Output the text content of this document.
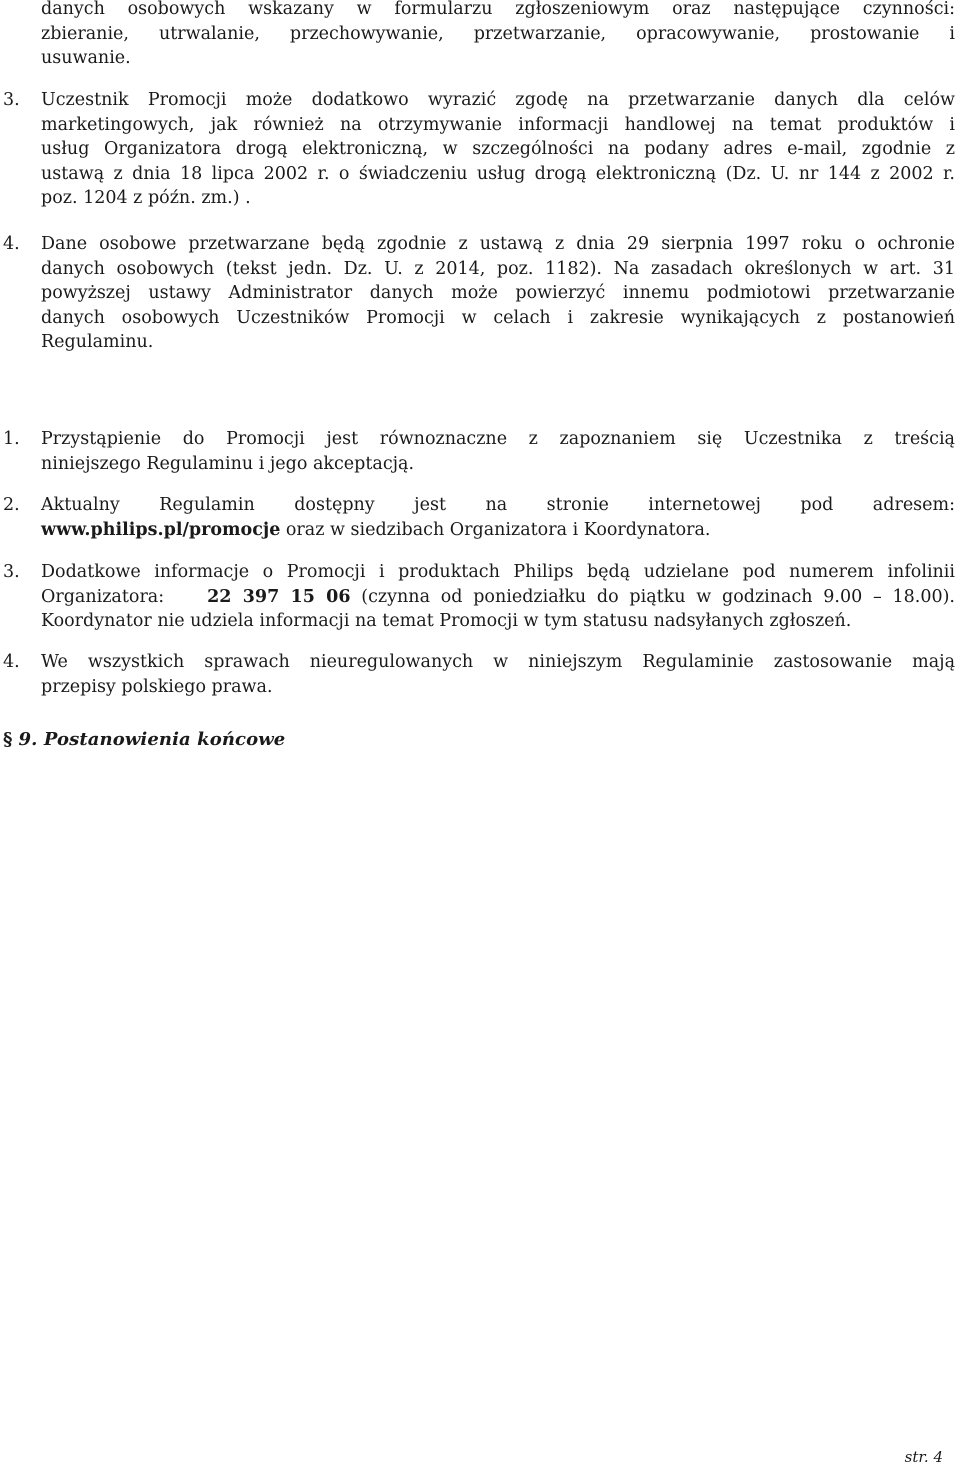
danych osobowych wskazany w formularzu zgłoszeniowym oraz następujące czynności:
zbieranie, utrwalanie, przechowywanie, przetwarzanie, opracowywanie, prostowanie i
usuwanie.
3.	Uczestnik Promocji może dodatkowo wyrazić zgodę na przetwarzanie danych dla celów
marketingowych, jak również na otrzymywanie informacji handlowej na temat produktów i
usług Organizatora drogą elektroniczną, w szczególności na podany adres e-mail, zgodnie z
ustawą z dnia 18 lipca 2002 r. o świadczeniu usług drogą elektroniczną (Dz. U. nr 144 z 2002 r.
poz. 1204 z późn. zm.) .
4.	Dane osobowe przetwarzane będą zgodnie z ustawą z dnia 29 sierpnia 1997 roku o ochronie
danych osobowych (tekst jedn. Dz. U. z 2014, poz. 1182). Na zasadach określonych w art. 31
powyższej ustawy Administrator danych może powierzyć innemu podmiotowi przetwarzanie
danych osobowych Uczestników Promocji w celach i zakresie wynikających z postanowień
Regulaminu.
§ 9. Postanowienia końcowe
1.	Przystąpienie do Promocji jest równoznaczne z zapoznaniem się Uczestnika z treścią
niniejszego Regulaminu i jego akceptacją.
2.	Aktualny Regulamin dostępny jest na stronie internetowej pod adresem:
www.philips.pl/promocje oraz w siedzibach Organizatora i Koordynatora.
3.	Dodatkowe informacje o Promocji i produktach Philips będą udzielane pod numerem infolinii
Organizatora: 22 397 15 06 (czynna od poniedziałku do piątku w godzinach 9.00 – 18.00).
Koordynator nie udziela informacji na temat Promocji w tym statusu nadsyłanych zgłoszeń.
4.	We wszystkich sprawach nieuregulowanych w niniejszym Regulaminie zastosowanie mają
przepisy polskiego prawa.
str. 4
